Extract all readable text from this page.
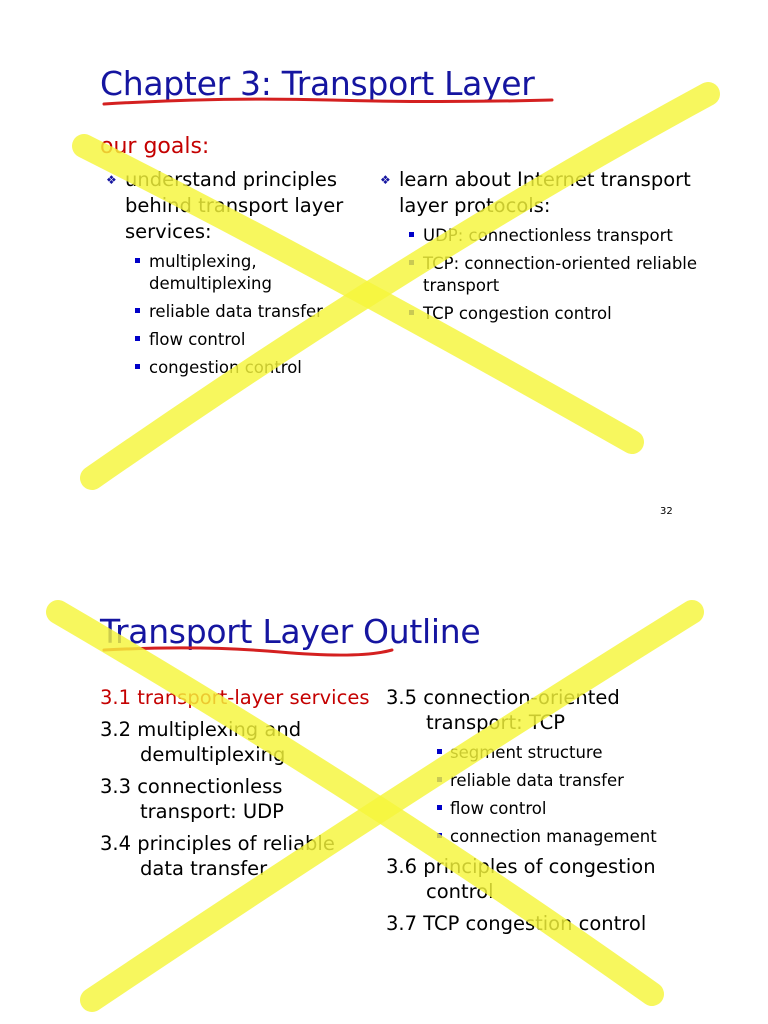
Chapter 3: Transport Layer
our goals:
❖ understand principles behind transport layer services:
multiplexing, demultiplexing
reliable data transfer
flow control
congestion control
❖ learn about Internet transport layer protocols:
UDP: connectionless transport
TCP: connection-oriented reliable transport
TCP congestion control
32
Transport Layer Outline
3.1 transport-layer services
3.2 multiplexing and demultiplexing
3.3 connectionless transport: UDP
3.4 principles of reliable data transfer
3.5 connection-oriented transport: TCP
segment structure
reliable data transfer
flow control
connection management
3.6 principles of congestion control
3.7 TCP congestion control
